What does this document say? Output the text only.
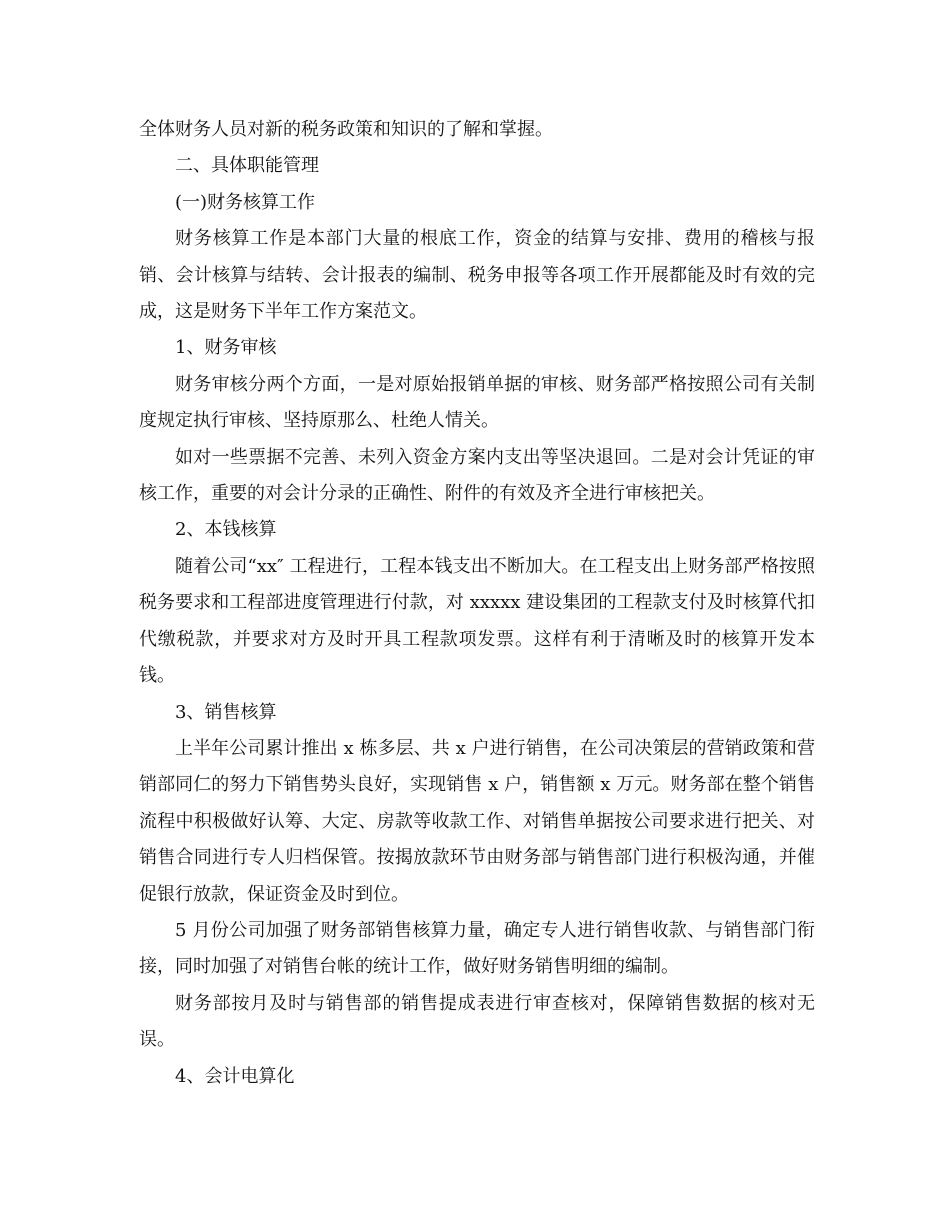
全体财务人员对新的税务政策和知识的了解和掌握。

二、具体职能管理

(一)财务核算工作

财务核算工作是本部门大量的根底工作，资金的结算与安排、费用的稽核与报销、会计核算与结转、会计报表的编制、税务申报等各项工作开展都能及时有效的完成，这是财务下半年工作方案范文。

1、财务审核

财务审核分两个方面，一是对原始报销单据的审核、财务部严格按照公司有关制度规定执行审核、坚持原那么、杜绝人情关。

如对一些票据不完善、未列入资金方案内支出等坚决退回。二是对会计凭证的审核工作，重要的对会计分录的正确性、附件的有效及齐全进行审核把关。

2、本钱核算

随着公司“xx″ 工程进行，工程本钱支出不断加大。在工程支出上财务部严格按照税务要求和工程部进度管理进行付款，对 xxxxx 建设集团的工程款支付及时核算代扣代缴税款，并要求对方及时开具工程款项发票。这样有利于清晰及时的核算开发本钱。

3、销售核算

上半年公司累计推出 x 栋多层、共 x 户进行销售，在公司决策层的营销政策和营销部同仁的努力下销售势头良好，实现销售 x 户，销售额 x 万元。财务部在整个销售流程中积极做好认筹、大定、房款等收款工作、对销售单据按公司要求进行把关、对销售合同进行专人归档保管。按揭放款环节由财务部与销售部门进行积极沟通，并催促银行放款，保证资金及时到位。

5 月份公司加强了财务部销售核算力量，确定专人进行销售收款、与销售部门衔接，同时加强了对销售台帐的统计工作，做好财务销售明细的编制。

财务部按月及时与销售部的销售提成表进行审查核对，保障销售数据的核对无误。

4、会计电算化
